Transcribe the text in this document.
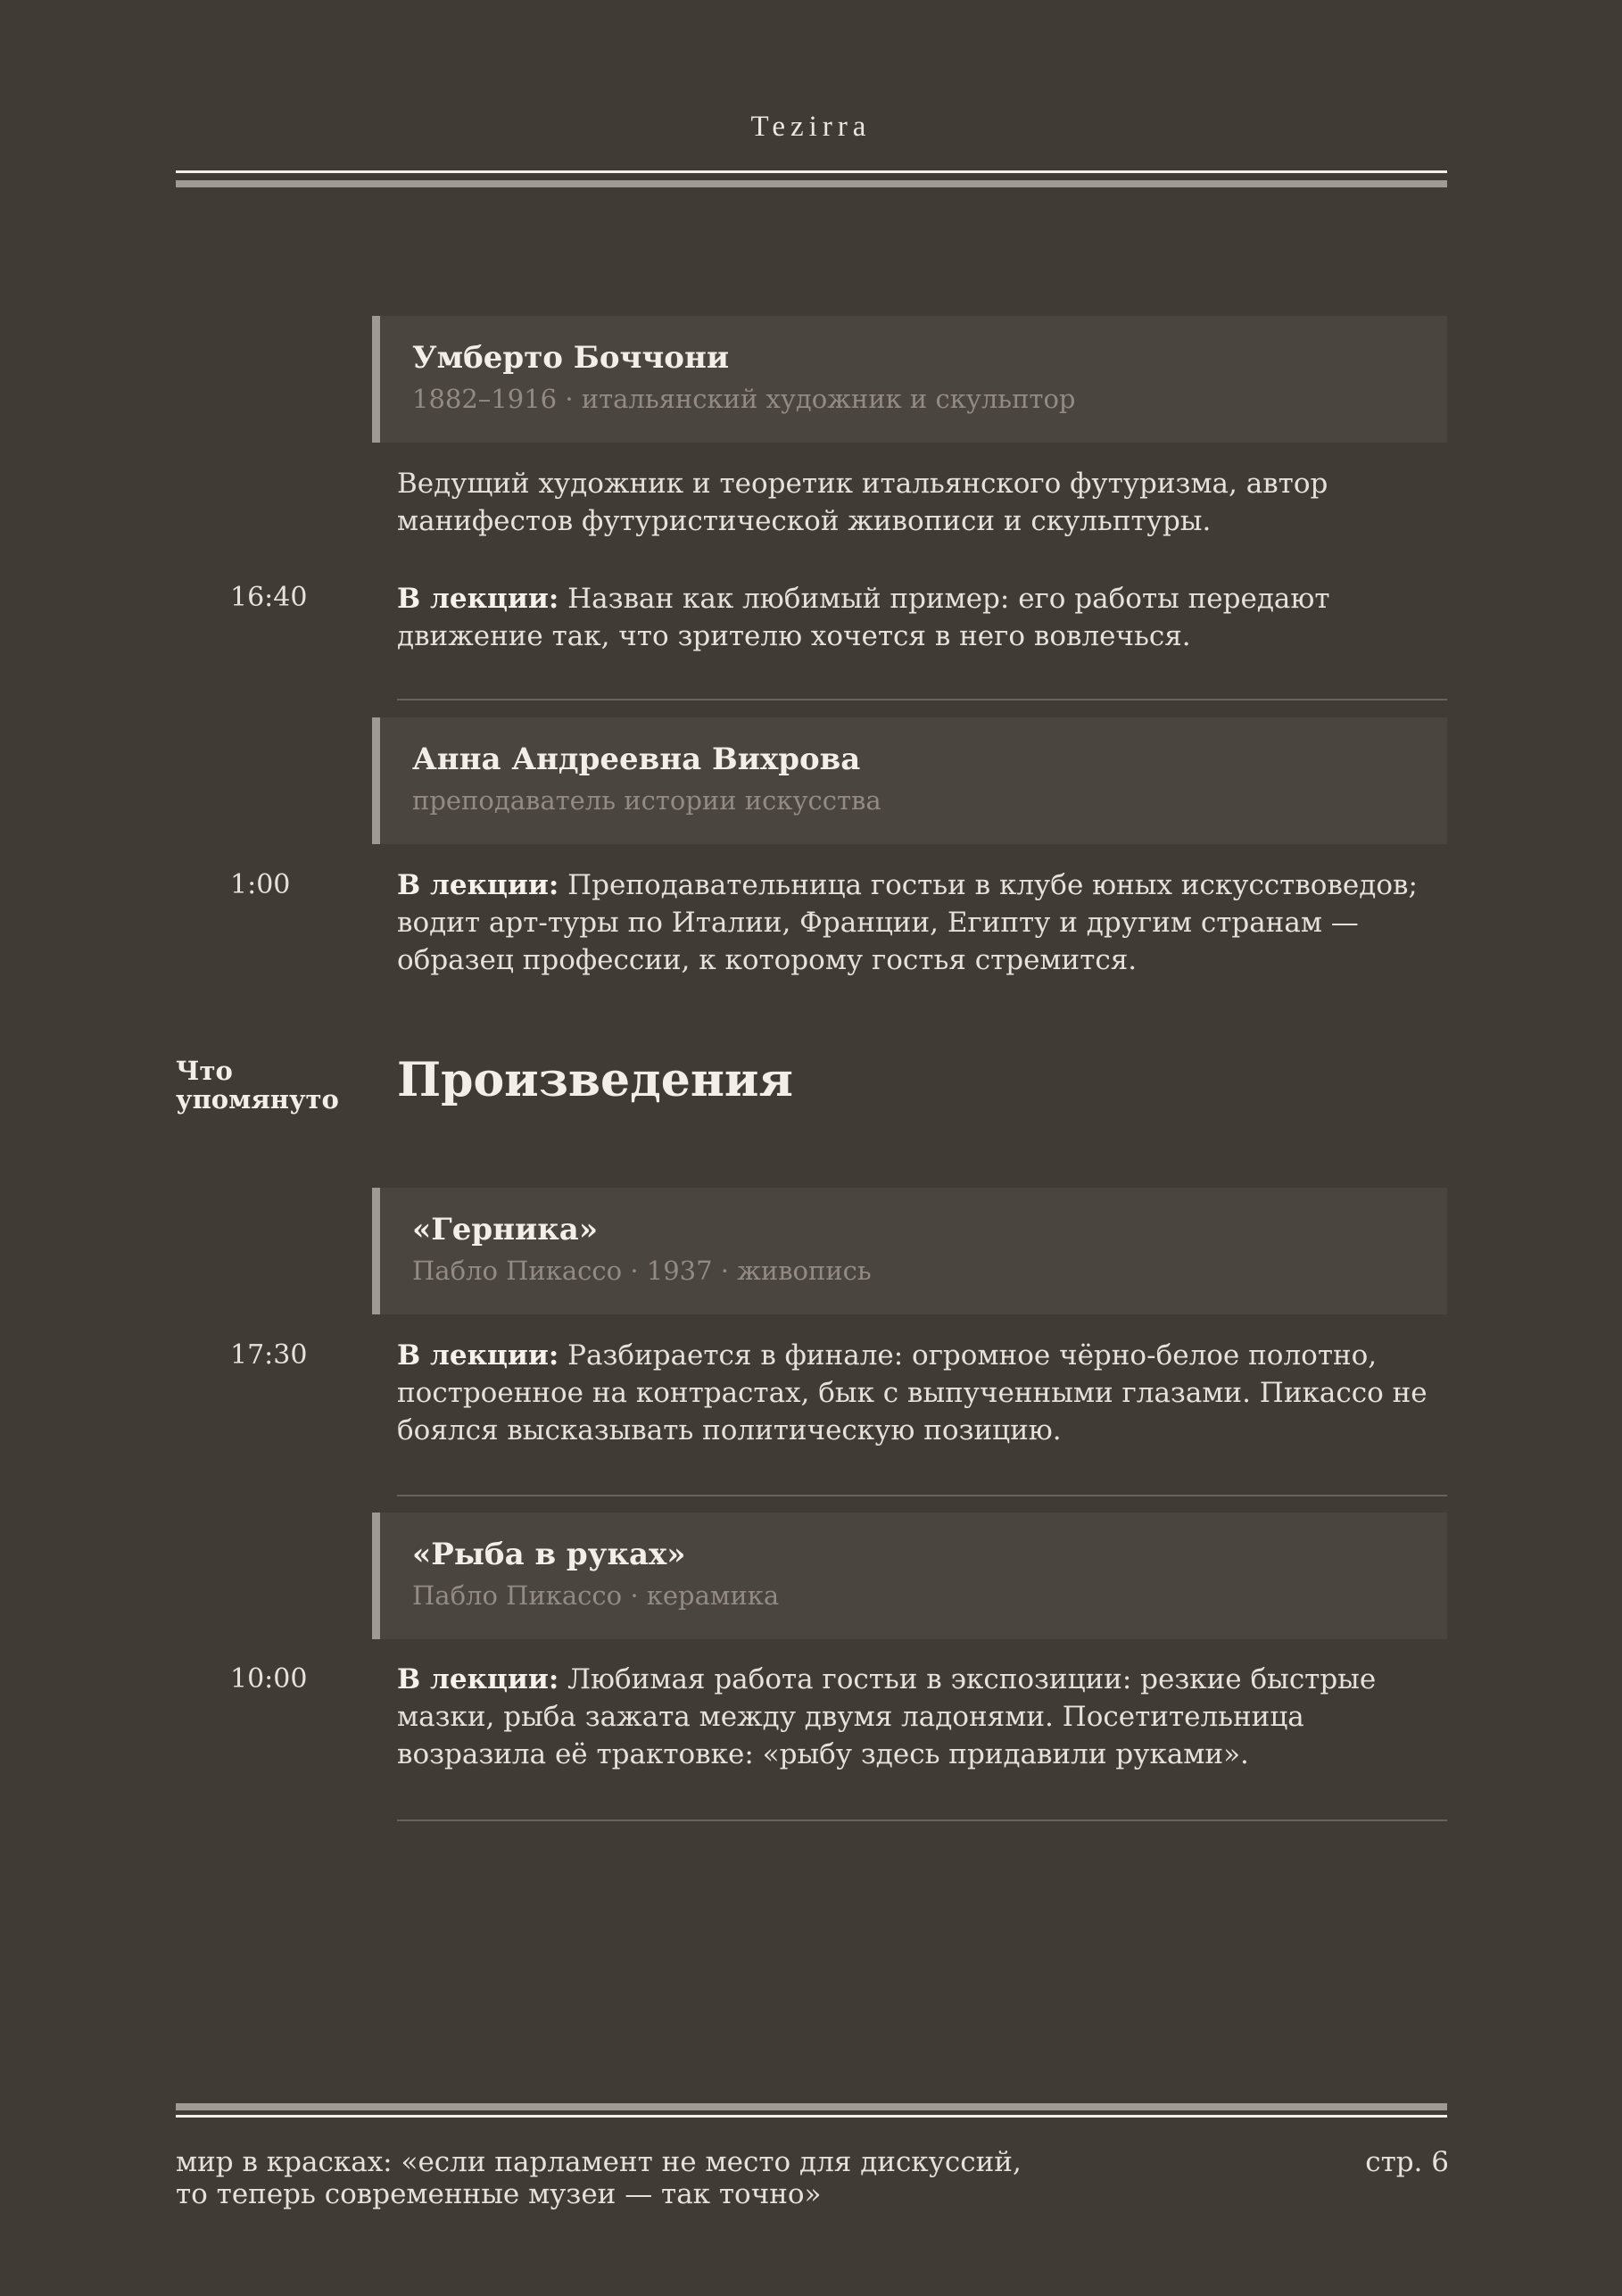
Tezirra
Умберто Боччони
1882–1916 · итальянский художник и скульптор
Ведущий художник и теоретик итальянского футуризма, автор манифестов футуристической живописи и скульптуры.
16:40	В лекции: Назван как любимый пример: его работы передают движение так, что зрителю хочется в него вовлечься.
Анна Андреевна Вихрова
преподаватель истории искусства
1:00	В лекции: Преподавательница гостьи в клубе юных искусствоведов; водит арт-туры по Италии, Франции, Египту и другим странам — образец профессии, к которому гостья стремится.
Что упомянуто	Произведения
«Герника»
Пабло Пикассо · 1937 · живопись
17:30	В лекции: Разбирается в финале: огромное чёрно-белое полотно, построенное на контрастах, бык с выпученными глазами. Пикассо не боялся высказывать политическую позицию.
«Рыба в руках»
Пабло Пикассо · керамика
10:00	В лекции: Любимая работа гостьи в экспозиции: резкие быстрые мазки, рыба зажата между двумя ладонями. Посетительница возразила её трактовке: «рыбу здесь придавили руками».
мир в красках: «если парламент не место для дискуссий,
то теперь современные музеи — так точно»
стр. 6
